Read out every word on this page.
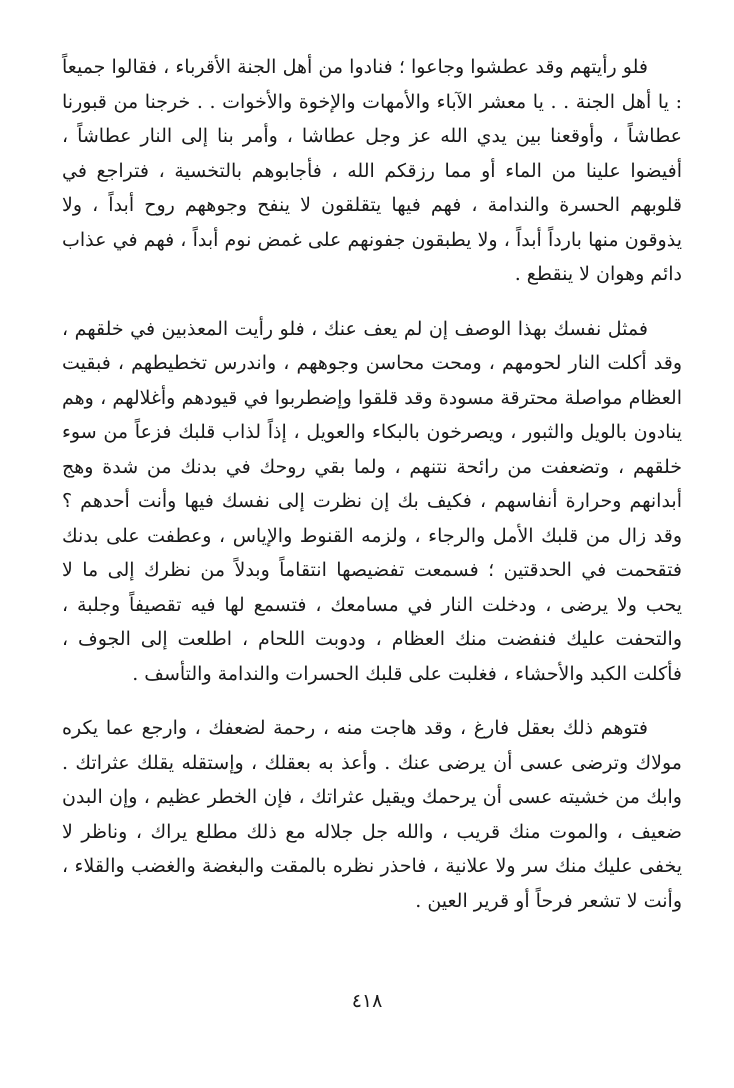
فلو رأيتهم وقد عطشوا وجاعوا ؛ فنادوا من أهل الجنة الأقرباء ، فقالوا جميعاً : يا أهل الجنة . . يا معشر الآباء والأمهات والإخوة والأخوات . . خرجنا من قبورنا عطاشاً ، وأوقعنا بين يدي الله عز وجل عطاشا ، وأمر بنا إلى النار عطاشاً ، أفيضوا علينا من الماء أو مما رزقكم الله ، فأجابوهم بالتخسية ، فتراجع في قلوبهم الحسرة والندامة ، فهم فيها يتقلقون لا ينفح وجوههم روح أبداً ، ولا يذوقون منها بارداً أبداً ، ولا يطبقون جفونهم على غمض نوم أبداً ، فهم في عذاب دائم وهوان لا ينقطع .

فمثل نفسك بهذا الوصف إن لم يعف عنك ، فلو رأيت المعذبين في خلقهم ، وقد أكلت النار لحومهم ، ومحت محاسن وجوههم ، واندرس تخطيطهم ، فبقيت العظام مواصلة محترقة مسودة وقد قلقوا وإضطربوا في قيودهم وأغلالهم ، وهم ينادون بالويل والثبور ، ويصرخون بالبكاء والعويل ، إذاً لذاب قلبك فزعاً من سوء خلقهم ، وتضعفت من رائحة نتنهم ، ولما بقي روحك في بدنك من شدة وهج أبدانهم وحرارة أنفاسهم ، فكيف بك إن نظرت إلى نفسك فيها وأنت أحدهم ؟ وقد زال من قلبك الأمل والرجاء ، ولزمه القنوط والإياس ، وعطفت على بدنك فتقحمت في الحدقتين ؛ فسمعت تفضيصها انتقاماً وبدلاً من نظرك إلى ما لا يحب ولا يرضى ، ودخلت النار في مسامعك ، فتسمع لها فيه تقصيفاً وجلبة ، والتحفت عليك فنفضت منك العظام ، ودوبت اللحام ، اطلعت إلى الجوف ، فأكلت الكبد والأحشاء ، فغلبت على قلبك الحسرات والندامة والتأسف .

فتوهم ذلك بعقل فارغ ، وقد هاجت منه ، رحمة لضعفك ، وارجع عما يكره مولاك وترضى عسى أن يرضى عنك . وأعذ به بعقلك ، وإستقله يقلك عثراتك . وابك من خشيته عسى أن يرحمك ويقيل عثراتك ، فإن الخطر عظيم ، وإن البدن ضعيف ، والموت منك قريب ، والله جل جلاله مع ذلك مطلع يراك ، وناظر لا يخفى عليك منك سر ولا علانية ، فاحذر نظره بالمقت والبغضة والغضب والقلاء ، وأنت لا تشعر فرحاً أو قرير العين .

٤١٨
